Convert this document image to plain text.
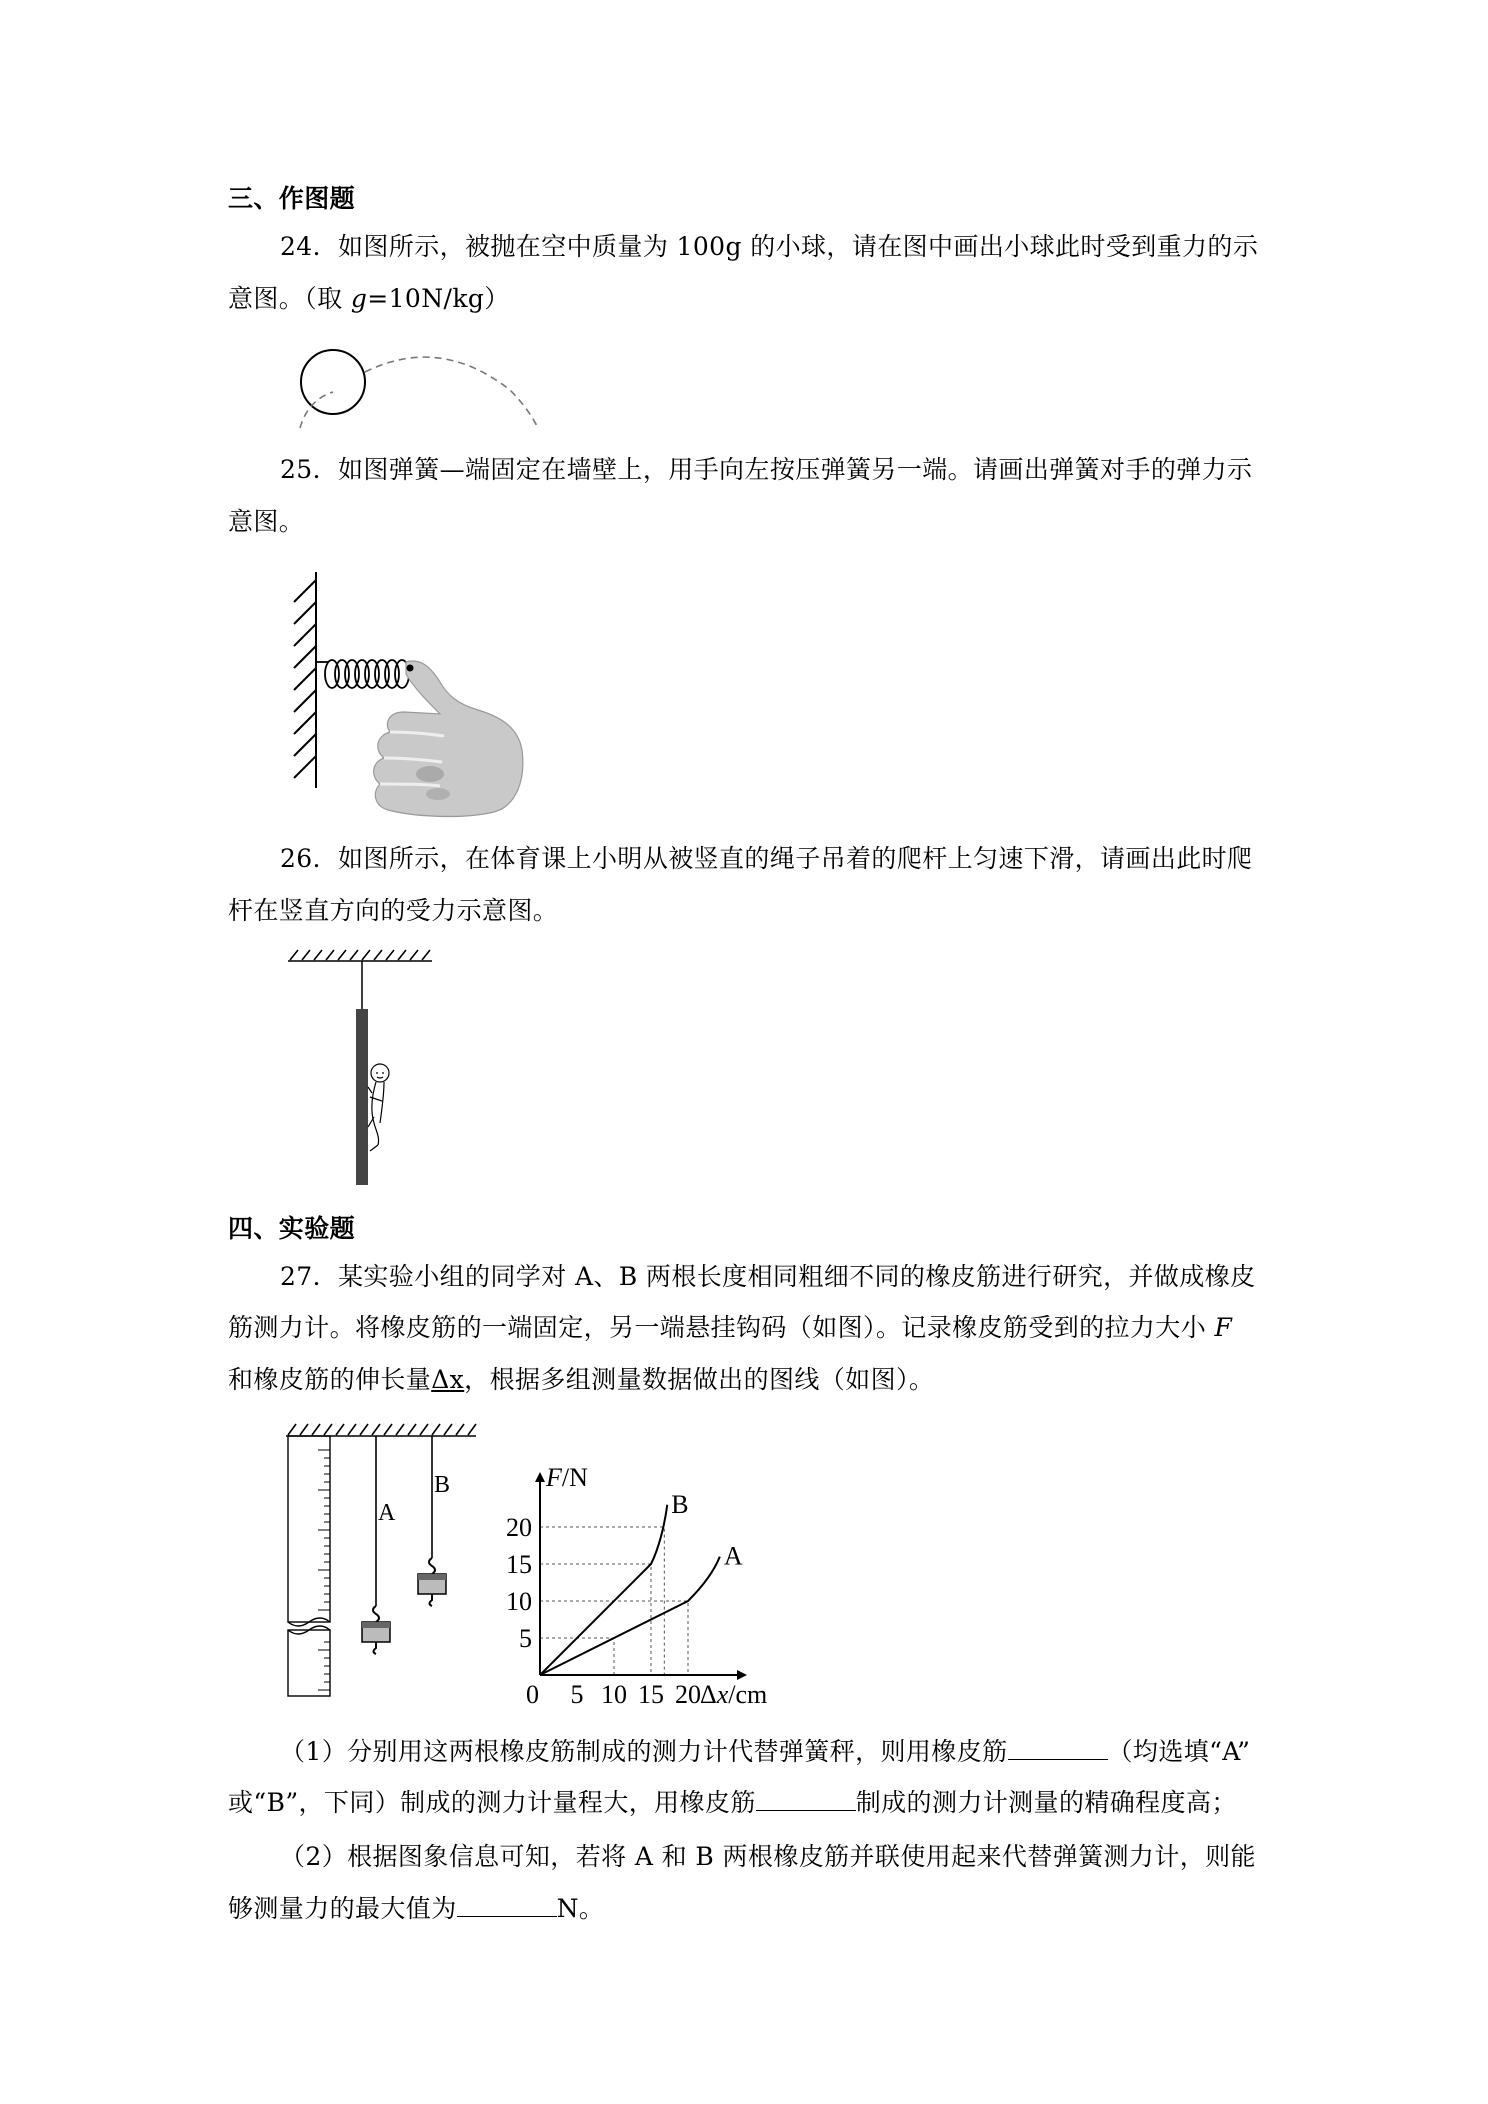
三、作图题
24．如图所示，被抛在空中质量为 100g 的小球，请在图中画出小球此时受到重力的示
意图。（取 g=10N/kg）
25．如图弹簧—端固定在墙壁上，用手向左按压弹簧另一端。请画出弹簧对手的弹力示
意图。
26．如图所示，在体育课上小明从被竖直的绳子吊着的爬杆上匀速下滑，请画出此时爬
杆在竖直方向的受力示意图。
四、实验题
27．某实验小组的同学对 A、B 两根长度相同粗细不同的橡皮筋进行研究，并做成橡皮
筋测力计。将橡皮筋的一端固定，另一端悬挂钩码（如图）。记录橡皮筋受到的拉力大小 F
和橡皮筋的伸长量Δx，根据多组测量数据做出的图线（如图）。
A
B
B
A
5 10 15 20
5
10
15
20
F/N
Δx/cm
0
（1）分别用这两根橡皮筋制成的测力计代替弹簧秤，则用橡皮筋	（均选填“A”
或“B”，下同）制成的测力计量程大，用橡皮筋	制成的测力计测量的精确程度高；
（2）根据图象信息可知，若将 A 和 B 两根橡皮筋并联使用起来代替弹簧测力计，则能
够测量力的最大值为	N。
